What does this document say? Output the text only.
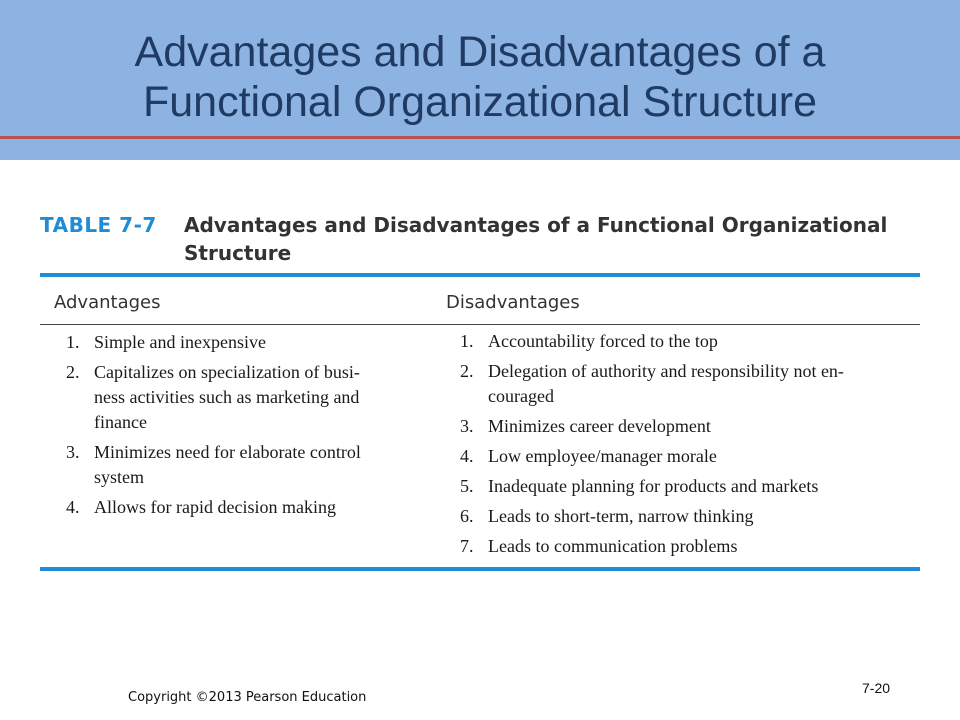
Advantages and Disadvantages of a
Functional Organizational Structure
TABLE 7-7 Advantages and Disadvantages of a Functional Organizational
Structure
Advantages	Disadvantages
1. Simple and inexpensive
2. Capitalizes on specialization of busi-
ness activities such as marketing and
finance
3. Minimizes need for elaborate control
system
4. Allows for rapid decision making
1. Accountability forced to the top
2. Delegation of authority and responsibility not en-
couraged
3. Minimizes career development
4. Low employee/manager morale
5. Inadequate planning for products and markets
6. Leads to short-term, narrow thinking
7. Leads to communication problems
Copyright ©2013 Pearson Education
7-20
